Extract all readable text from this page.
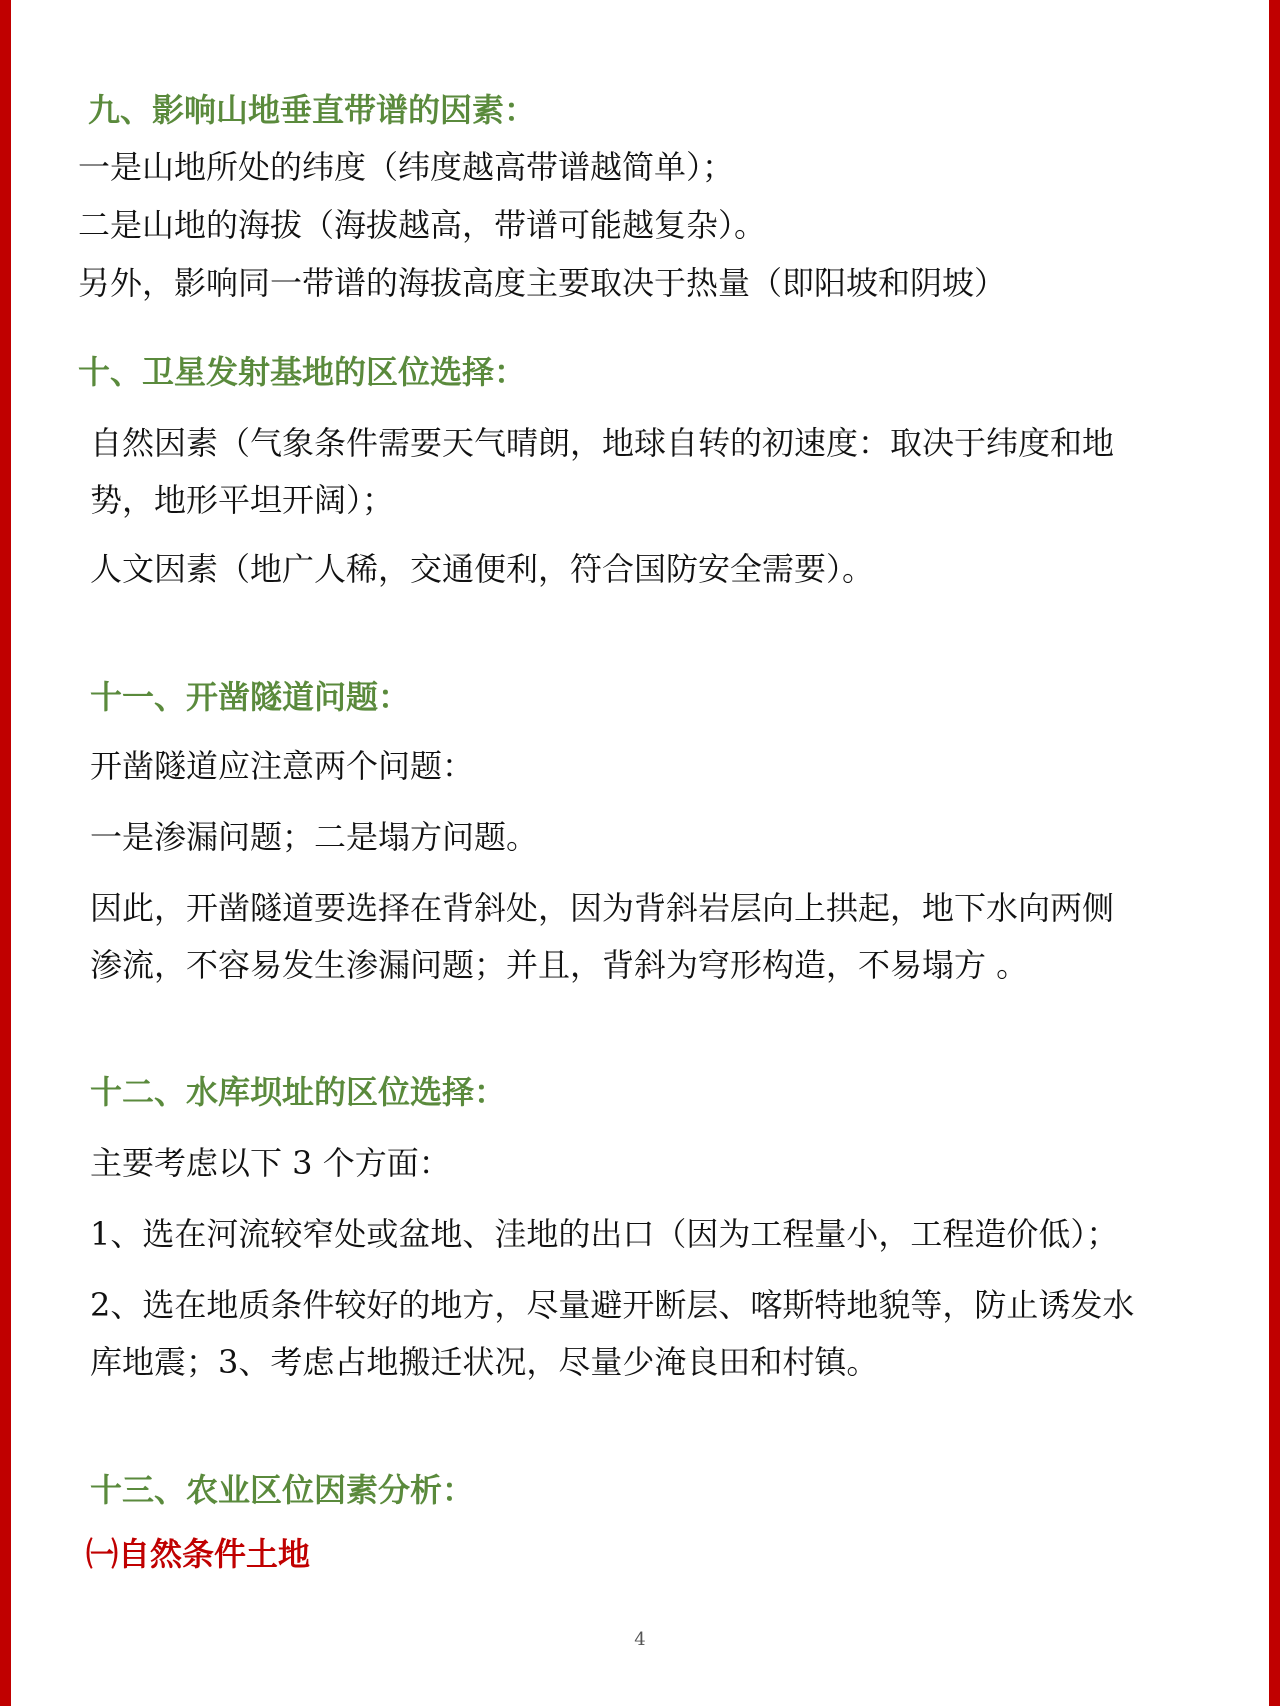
九、影响山地垂直带谱的因素：

一是山地所处的纬度（纬度越高带谱越简单）；

二是山地的海拔（海拔越高，带谱可能越复杂）。

另外，影响同一带谱的海拔高度主要取决于热量（即阳坡和阴坡）

十、卫星发射基地的区位选择：

自然因素（气象条件需要天气晴朗，地球自转的初速度：取决于纬度和地

势，地形平坦开阔）；

人文因素（地广人稀，交通便利，符合国防安全需要）。

十一、开凿隧道问题：

开凿隧道应注意两个问题：

一是渗漏问题；二是塌方问题。

因此，开凿隧道要选择在背斜处，因为背斜岩层向上拱起，地下水向两侧

渗流，不容易发生渗漏问题；并且，背斜为穹形构造，不易塌方 。

十二、水库坝址的区位选择：

主要考虑以下 3 个方面：

1、选在河流较窄处或盆地、洼地的出口（因为工程量小，工程造价低）；

2、选在地质条件较好的地方，尽量避开断层、喀斯特地貌等，防止诱发水

库地震；3、考虑占地搬迁状况，尽量少淹良田和村镇。

十三、农业区位因素分析：

㈠自然条件土地

4
